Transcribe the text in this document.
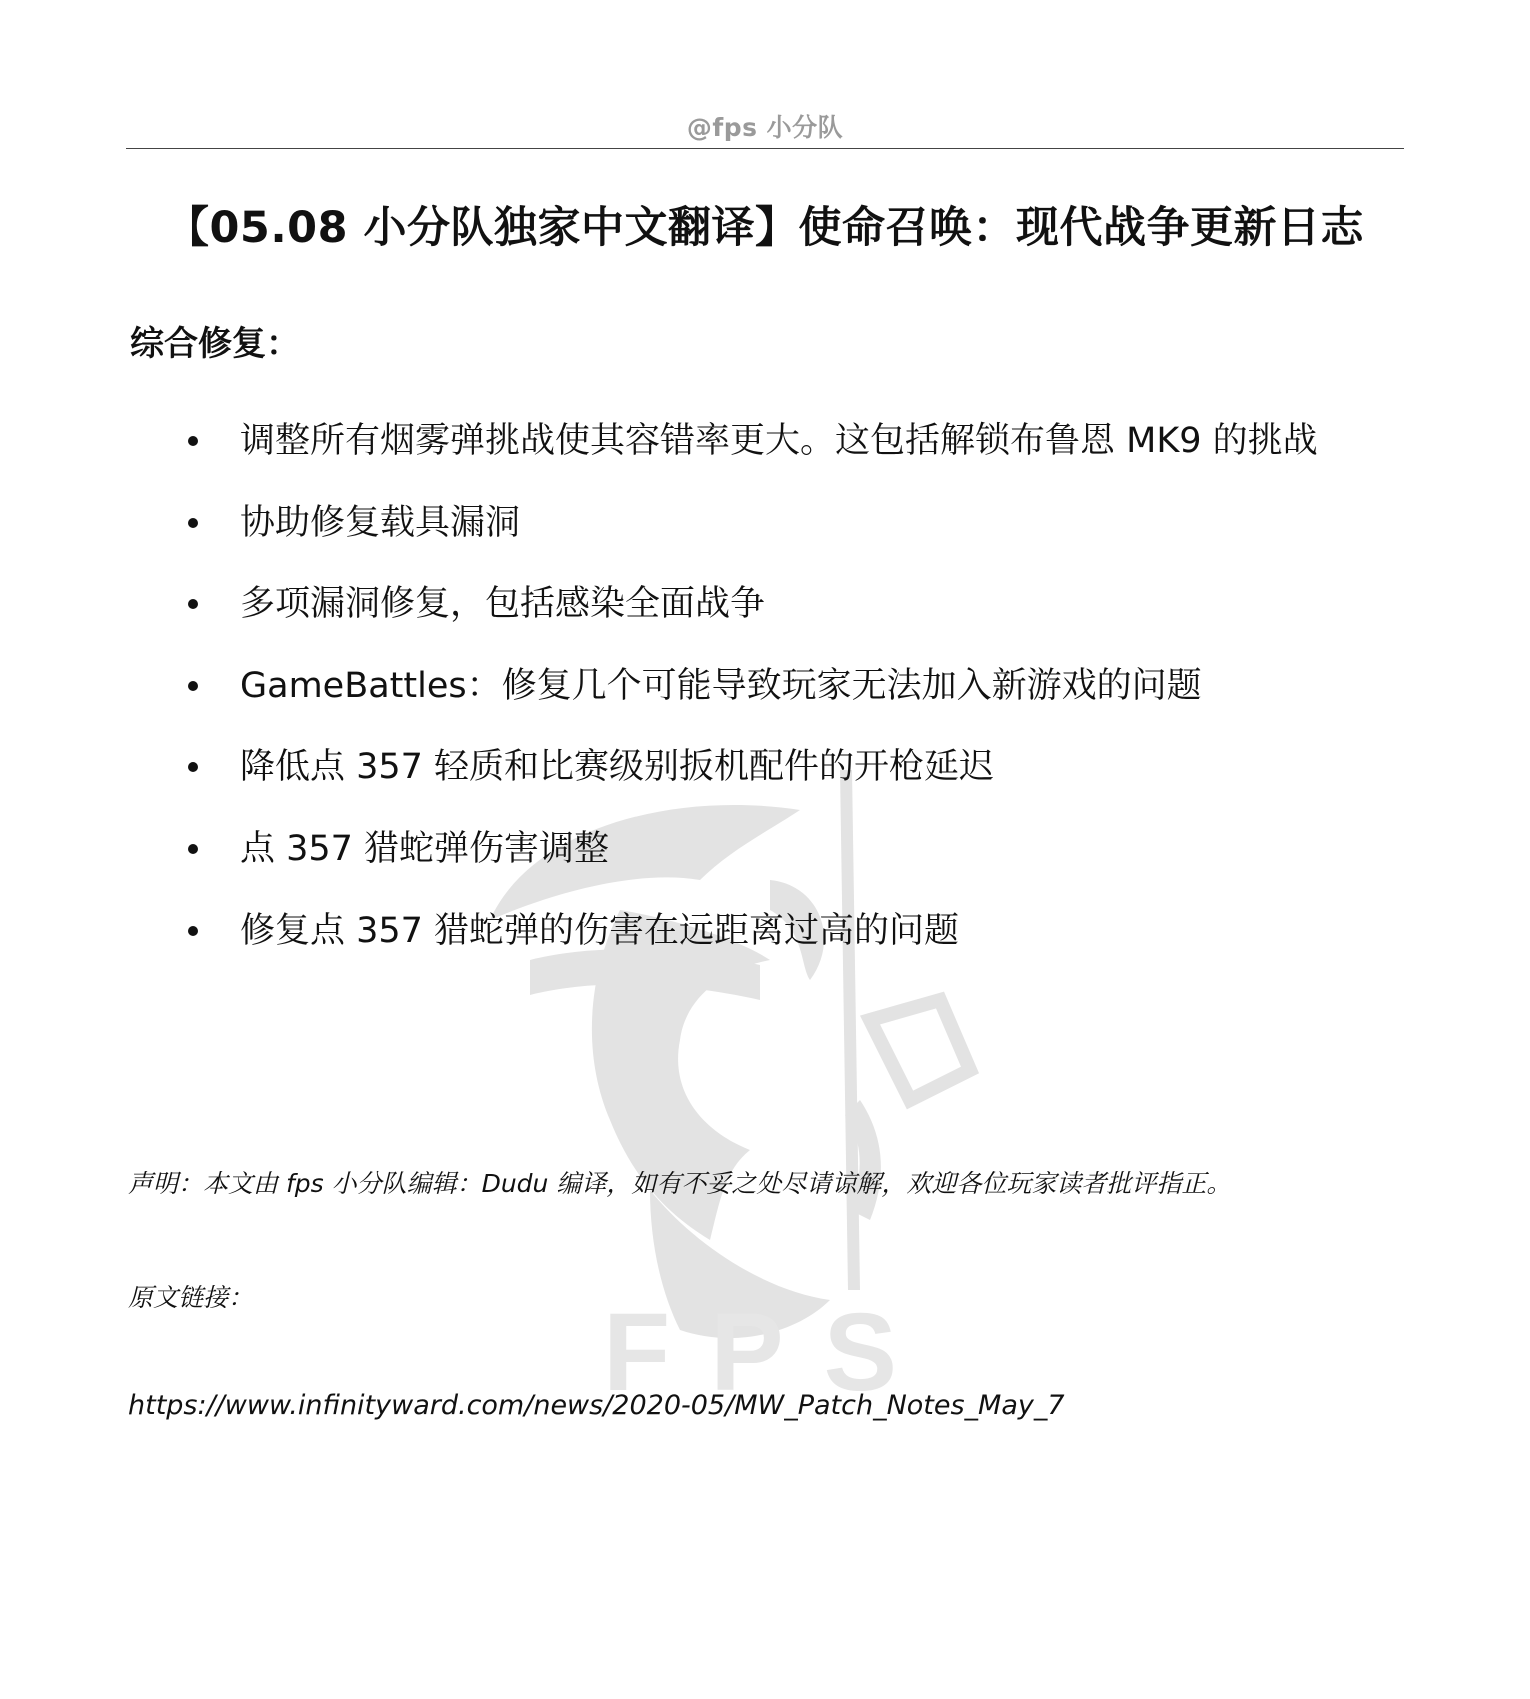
FPS
@fps 小分队
【05.08 小分队独家中文翻译】使命召唤：现代战争更新日志
综合修复：
调整所有烟雾弹挑战使其容错率更大。这包括解锁布鲁恩 MK9 的挑战
协助修复载具漏洞
多项漏洞修复，包括感染全面战争
GameBattles：修复几个可能导致玩家无法加入新游戏的问题
降低点 357 轻质和比赛级别扳机配件的开枪延迟
点 357 猎蛇弹伤害调整
修复点 357 猎蛇弹的伤害在远距离过高的问题
声明：本文由 fps 小分队编辑：Dudu 编译，如有不妥之处尽请谅解，欢迎各位玩家读者批评指正。
原文链接：
https://www.infinityward.com/news/2020-05/MW_Patch_Notes_May_7
